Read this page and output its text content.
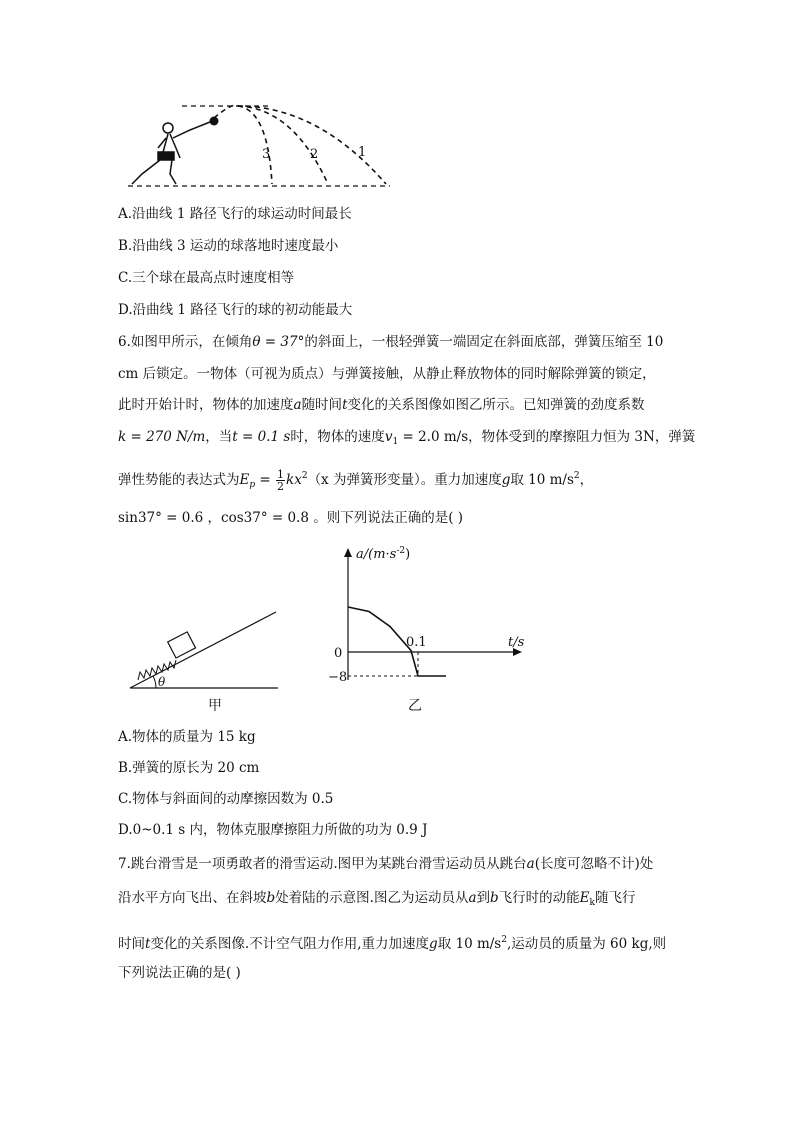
3	2	1
A.沿曲线 1 路径飞行的球运动时间最长
B.沿曲线 3 运动的球落地时速度最小
C.三个球在最高点时速度相等
D.沿曲线 1 路径飞行的球的初动能最大
6.如图甲所示，在倾角θ = 37°的斜面上，一根轻弹簧一端固定在斜面底部，弹簧压缩至 10
cm 后锁定。一物体（可视为质点）与弹簧接触，从静止释放物体的同时解除弹簧的锁定，
此时开始计时，物体的加速度a随时间t变化的关系图像如图乙所示。已知弹簧的劲度系数
k = 270 N/m，当t = 0.1 s时，物体的速度$v_1 = 2.0$ m/s，物体受到的摩擦阻力恒为 3N，弹簧
弹性势能的表达式为$E_p = \frac{1}{2} kx^2(x$ 为弹簧形变量）。重力加速度g取 10 $m/s^2$，
sin37° = 0.6 ，cos37° = 0.8 。则下列说法正确的是( )
θ
甲
$a/(m\cdot s^{-2})$
t/s
0.1
0
−8
乙
A.物体的质量为 15 kg
B.弹簧的原长为 20 cm
C.物体与斜面间的动摩擦因数为 0.5
D.0~0.1 s 内，物体克服摩擦阻力所做的功为 0.9 J
7.跳台滑雪是一项勇敢者的滑雪运动.图甲为某跳台滑雪运动员从跳台a(长度可忽略不计)处
沿水平方向飞出、在斜坡b处着陆的示意图.图乙为运动员从a到b飞行时的动能$E_k$随飞行
时间t变化的关系图像.不计空气阻力作用,重力加速度g取 10 $m/s^2$,运动员的质量为 60 kg,则
下列说法正确的是( )
